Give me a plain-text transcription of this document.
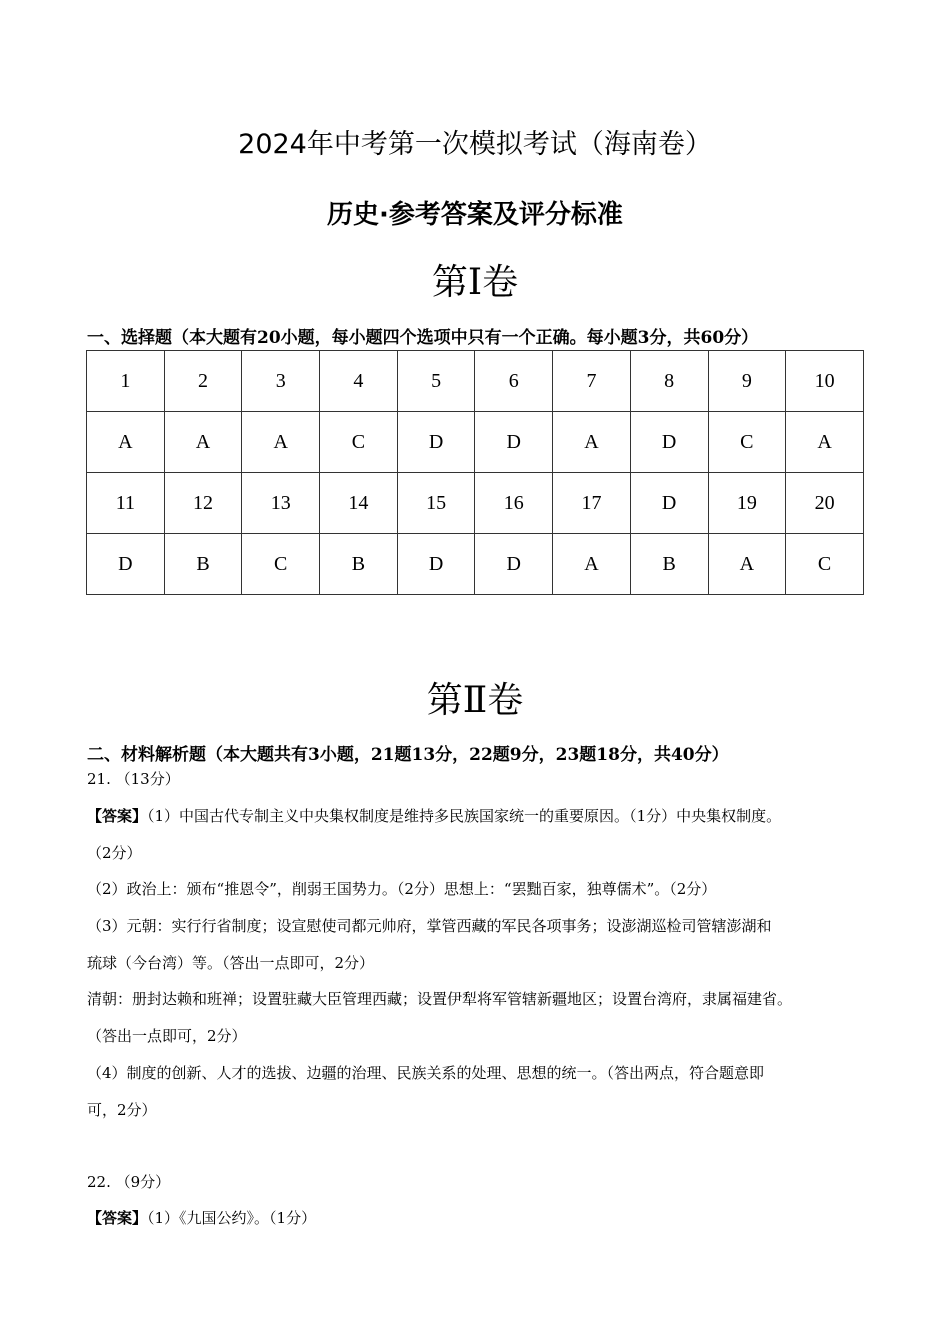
2024年中考第一次模拟考试（海南卷）
历史·参考答案及评分标准
第Ⅰ卷
一、选择题（本大题有20小题，每小题四个选项中只有一个正确。每小题3分，共60分）
1	2	3	4	5	6	7	8	9	10
A	A	A	C	D	D	A	D	C	A
11	12	13	14	15	16	17	D	19	20
D	B	C	B	D	D	A	B	A	C
第Ⅱ卷
二、材料解析题（本大题共有3小题，21题13分，22题9分，23题18分，共40分）
21. （13分）
【答案】（1）中国古代专制主义中央集权制度是维持多民族国家统一的重要原因。（1分）中央集权制度。
（2分）
（2）政治上：颁布“推恩令”，削弱王国势力。（2分）思想上：“罢黜百家，独尊儒术”。（2分）
（3）元朝：实行行省制度；设宣慰使司都元帅府，掌管西藏的军民各项事务；设澎湖巡检司管辖澎湖和
琉球（今台湾）等。（答出一点即可，2分）
清朝：册封达赖和班禅；设置驻藏大臣管理西藏；设置伊犁将军管辖新疆地区；设置台湾府，隶属福建省。
（答出一点即可，2分）
（4）制度的创新、人才的选拔、边疆的治理、民族关系的处理、思想的统一。（答出两点，符合题意即
可，2分）
22. （9分）
【答案】（1）《九国公约》。（1分）
